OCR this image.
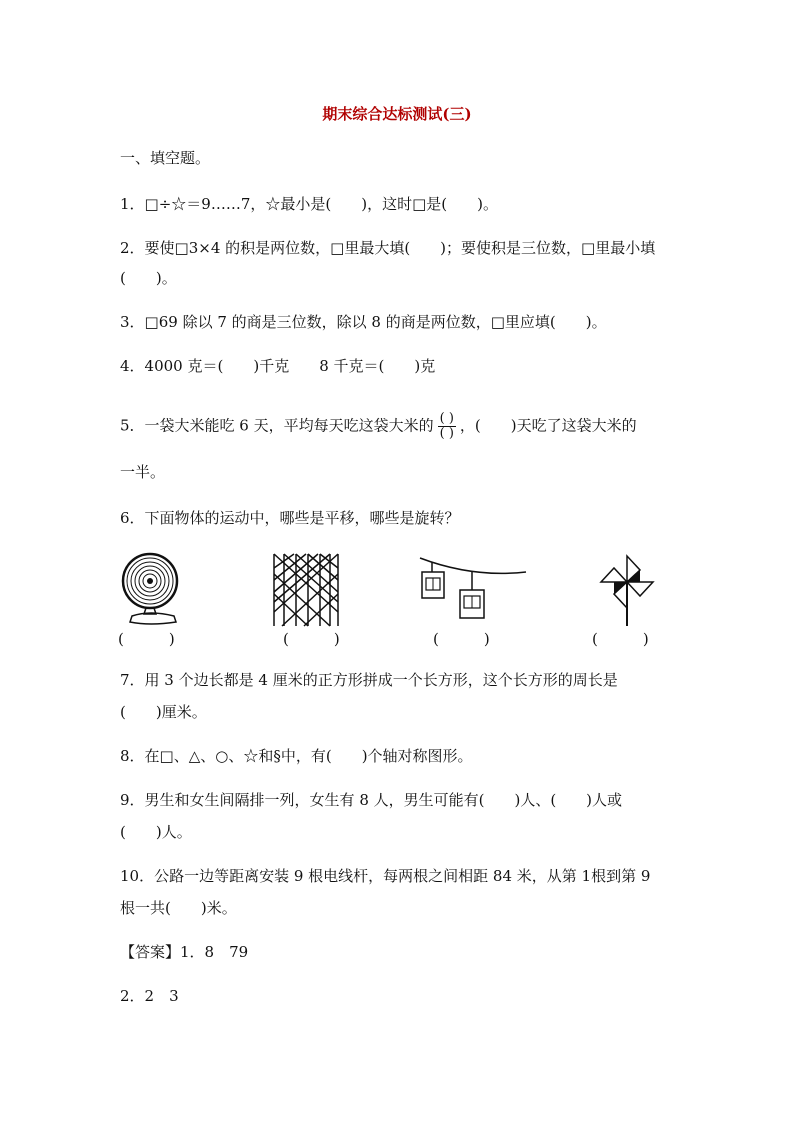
期末综合达标测试(三)
一、填空题。
1．□÷☆＝9……7，☆最小是(　　)，这时□是(　　)。
2．要使□3×4 的积是两位数，□里最大填(　　)；要使积是三位数，□里最小填
(　　)。
3．□69 除以 7 的商是三位数，除以 8 的商是两位数，□里应填(　　)。
4．4000 克＝(　　)千克　　8 千克＝(　　)克
5．一袋大米能吃 6 天，平均每天吃这袋大米的 $\frac{( )}{( )}$ ，(　　)天吃了这袋大米的
一半。
6．下面物体的运动中，哪些是平移，哪些是旋转？
(　　　)	(　　　)	(　　　)	(　　　)
7．用 3 个边长都是 4 厘米的正方形拼成一个长方形，这个长方形的周长是
(　　)厘米。
8．在□、△、○、☆和§中，有(　　)个轴对称图形。
9．男生和女生间隔排一列，女生有 8 人，男生可能有(　　)人、(　　)人或
(　　)人。
10．公路一边等距离安装 9 根电线杆，每两根之间相距 84 米，从第 1根到第 9
根一共(　　)米。
【答案】1．8　79
2．2　3
